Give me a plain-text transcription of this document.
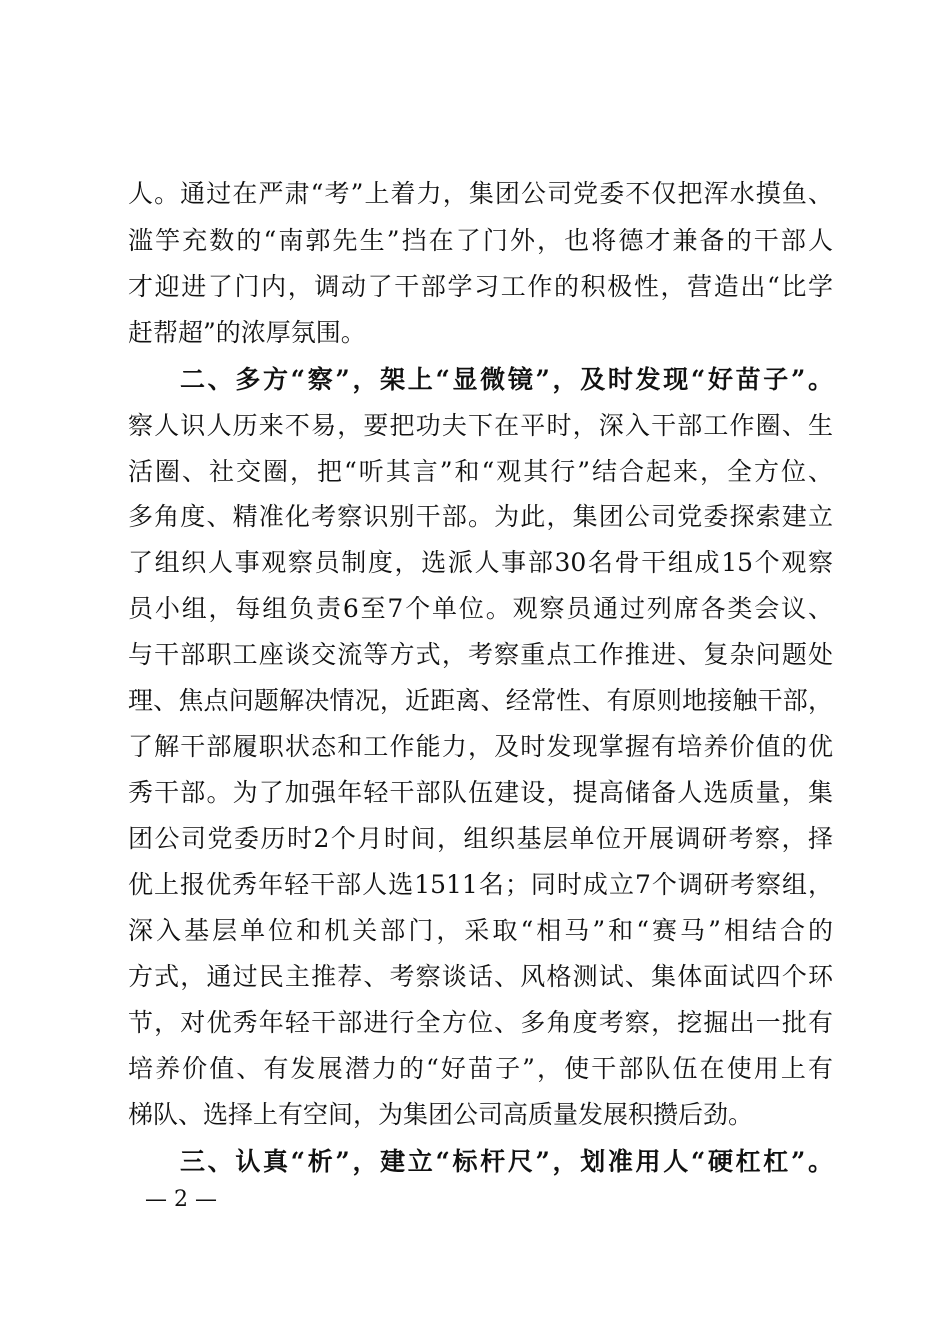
人。通过在严肃“考”上着力，集团公司党委不仅把浑水摸鱼、
滥竽充数的“南郭先生”挡在了门外，也将德才兼备的干部人
才迎进了门内，调动了干部学习工作的积极性，营造出“比学
赶帮超”的浓厚氛围。
二、多方“察”，架上“显微镜”，及时发现“好苗子”。
察人识人历来不易，要把功夫下在平时，深入干部工作圈、生
活圈、社交圈，把“听其言”和“观其行”结合起来，全方位、
多角度、精准化考察识别干部。为此，集团公司党委探索建立
了组织人事观察员制度，选派人事部30名骨干组成15个观察
员小组，每组负责6至7个单位。观察员通过列席各类会议、
与干部职工座谈交流等方式，考察重点工作推进、复杂问题处
理、焦点问题解决情况，近距离、经常性、有原则地接触干部，
了解干部履职状态和工作能力，及时发现掌握有培养价值的优
秀干部。为了加强年轻干部队伍建设，提高储备人选质量，集
团公司党委历时2个月时间，组织基层单位开展调研考察，择
优上报优秀年轻干部人选1511名；同时成立7个调研考察组，
深入基层单位和机关部门，采取“相马”和“赛马”相结合的
方式，通过民主推荐、考察谈话、风格测试、集体面试四个环
节，对优秀年轻干部进行全方位、多角度考察，挖掘出一批有
培养价值、有发展潜力的“好苗子”，使干部队伍在使用上有
梯队、选择上有空间，为集团公司高质量发展积攒后劲。
三、认真“析”，建立“标杆尺”，划准用人“硬杠杠”。
— 2 —
